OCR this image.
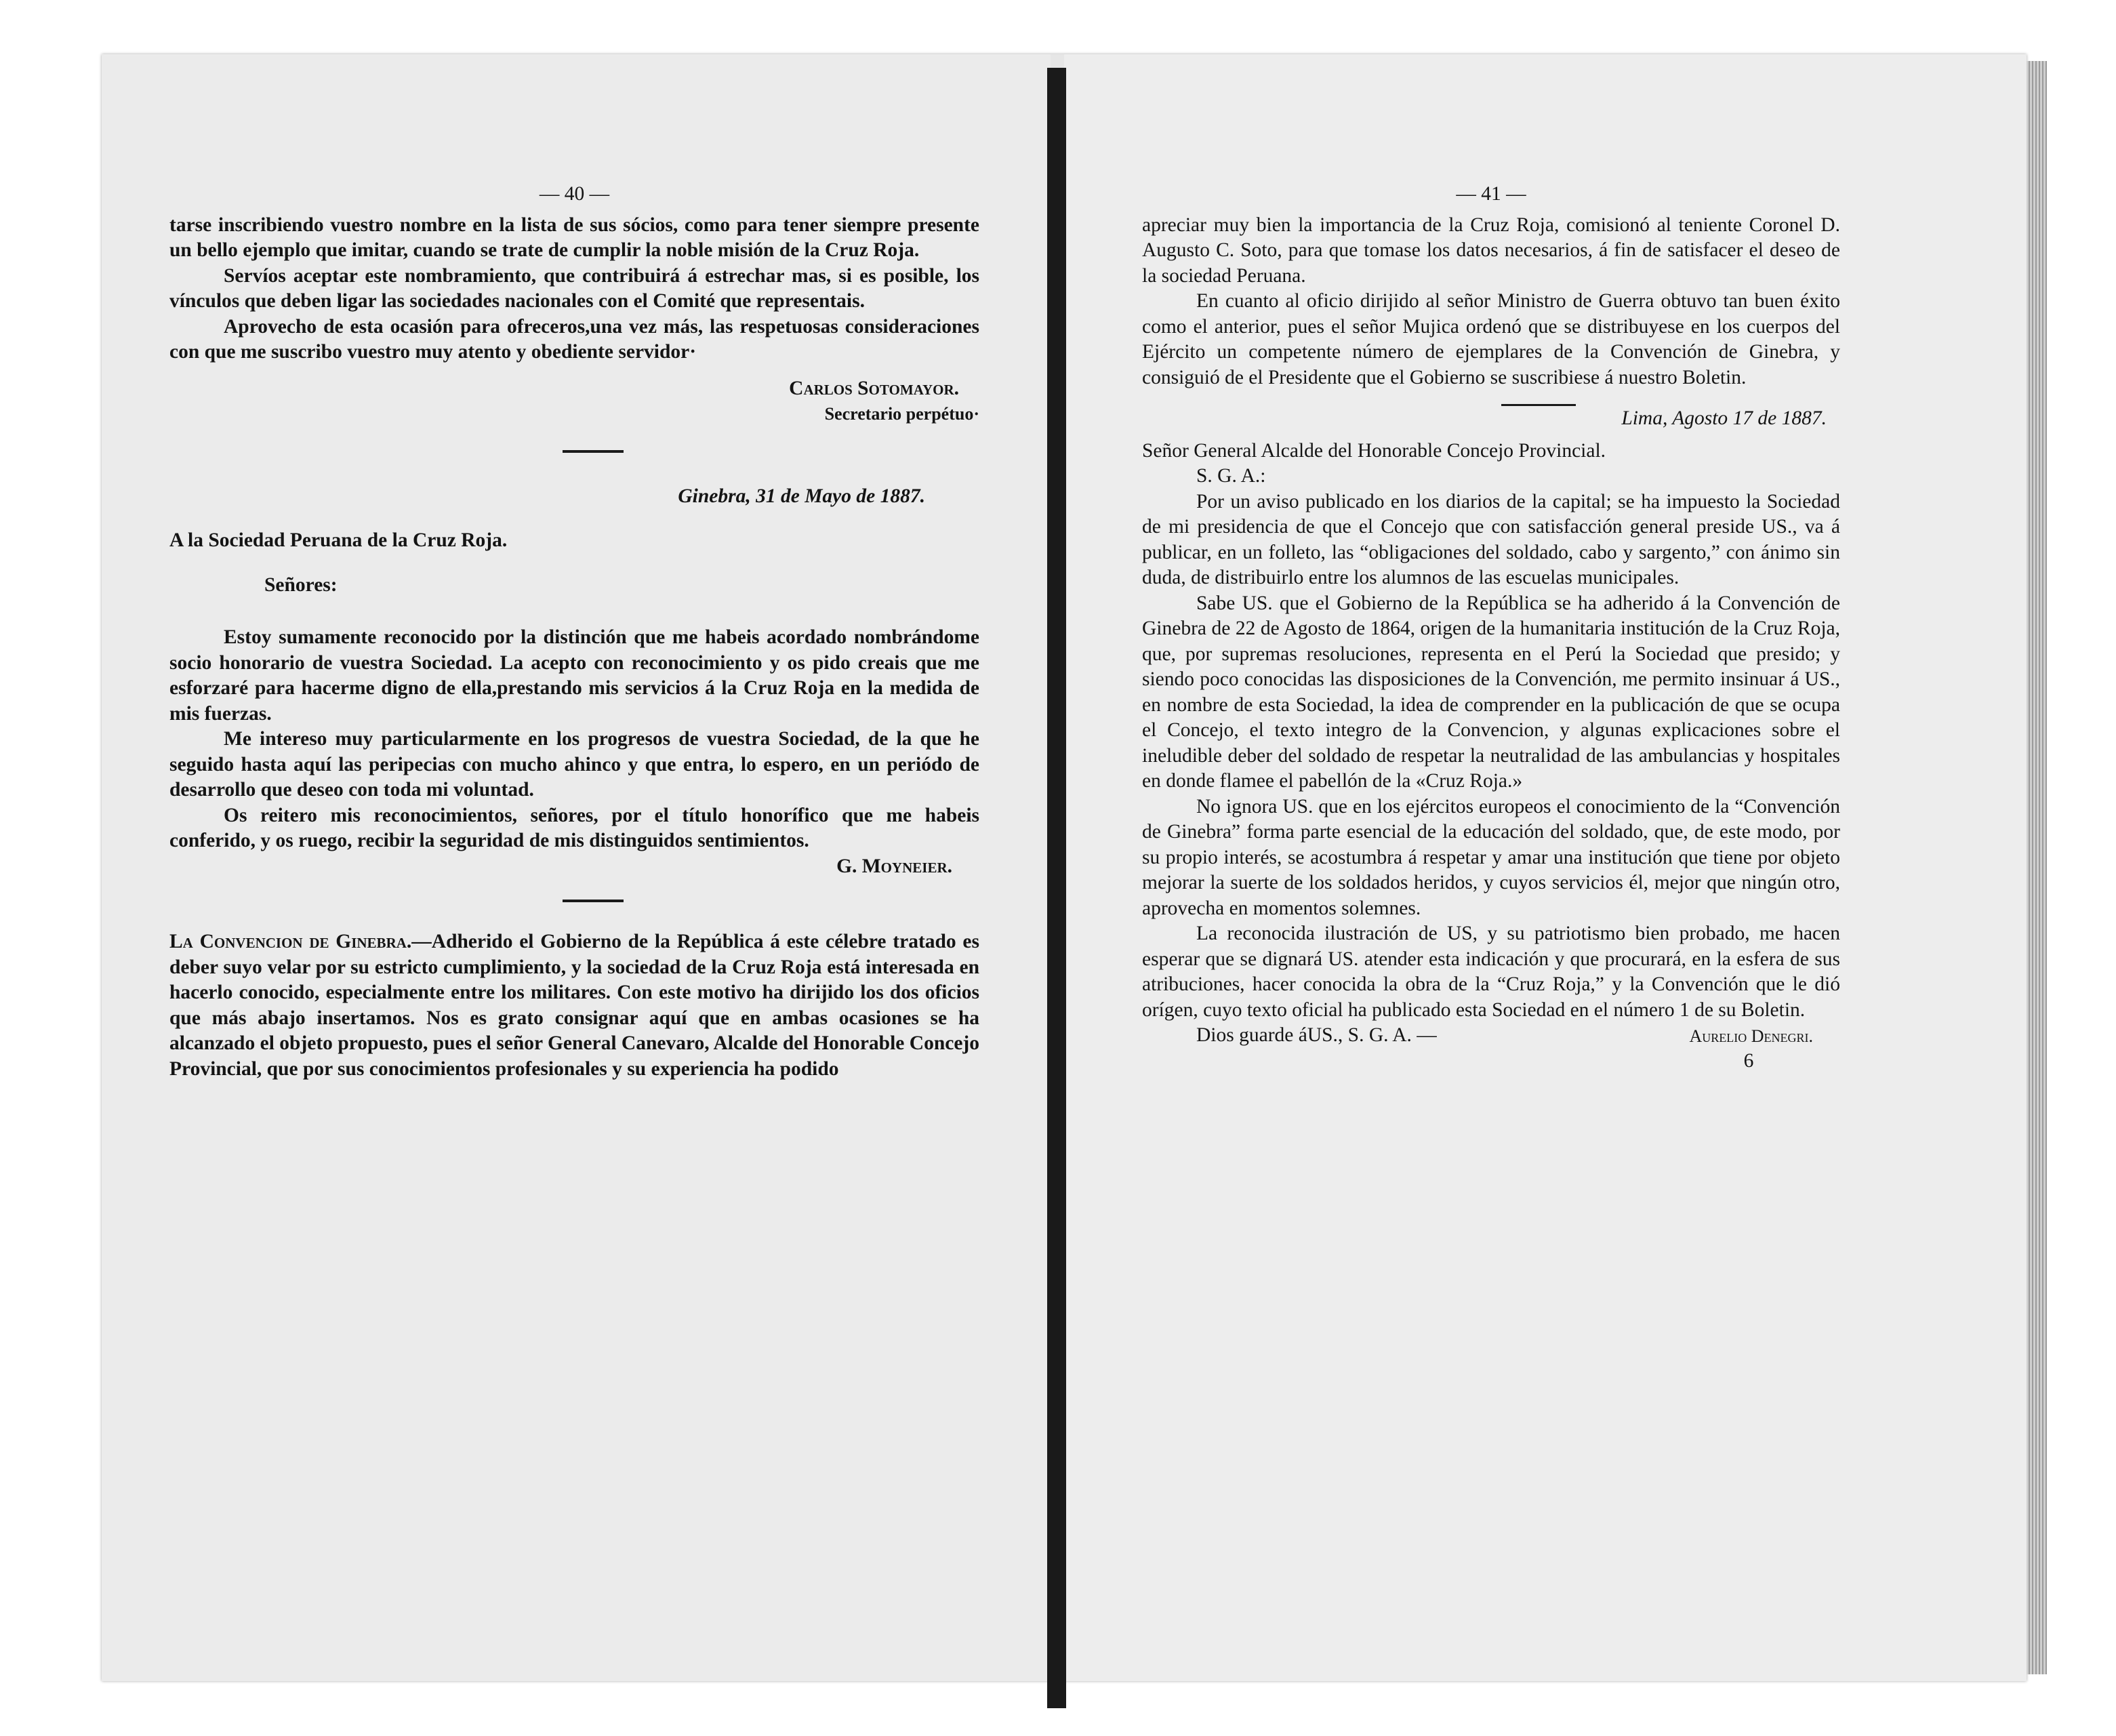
— 40 —

tarse inscribiendo vuestro nombre en la lista de sus sócios, como para tener siempre presente un bello ejemplo que imitar, cuando se trate de cumplir la noble misión de la Cruz Roja.

Servíos aceptar este nombramiento, que contribuirá á estrechar mas, si es posible, los vínculos que deben ligar las sociedades nacionales con el Comité que representais.

Aprovecho de esta ocasión para ofreceros,una vez más, las respetuosas consideraciones con que me suscribo vuestro muy atento y obediente servidor·

Carlos Sotomayor.

Secretario perpétuo·

Ginebra, 31 de Mayo de 1887.

A la Sociedad Peruana de la Cruz Roja.

Señores:

Estoy sumamente reconocido por la distinción que me habeis acordado nombrándome socio honorario de vuestra Sociedad. La acepto con reconocimiento y os pido creais que me esforzaré para hacerme digno de ella,prestando mis servicios á la Cruz Roja en la medida de mis fuerzas.

Me intereso muy particularmente en los progresos de vuestra Sociedad, de la que he seguido hasta aquí las peripecias con mucho ahinco y que entra, lo espero, en un periódo de desarrollo que deseo con toda mi voluntad.

Os reitero mis reconocimientos, señores, por el título honorífico que me habeis conferido, y os ruego, recibir la seguridad de mis distinguidos sentimientos.

G. Moyneier.

La Convencion de Ginebra.—Adherido el Gobierno de la República á este célebre tratado es deber suyo velar por su estricto cumplimiento, y la sociedad de la Cruz Roja está interesada en hacerlo conocido, especialmente entre los militares. Con este motivo ha dirijido los dos oficios que más abajo insertamos. Nos es grato consignar aquí que en ambas ocasiones se ha alcanzado el objeto propuesto, pues el señor General Canevaro, Alcalde del Honorable Concejo Provincial, que por sus conocimientos profesionales y su experiencia ha podido

— 41 —

apreciar muy bien la importancia de la Cruz Roja, comisionó al teniente Coronel D. Augusto C. Soto, para que tomase los datos necesarios, á fin de satisfacer el deseo de la sociedad Peruana.

En cuanto al oficio dirijido al señor Ministro de Guerra obtuvo tan buen éxito como el anterior, pues el señor Mujica ordenó que se distribuyese en los cuerpos del Ejército un competente número de ejemplares de la Convención de Ginebra, y consiguió de el Presidente que el Gobierno se suscribiese á nuestro Boletin.

Lima, Agosto 17 de 1887.

Señor General Alcalde del Honorable Concejo Provincial.

S. G. A.:

Por un aviso publicado en los diarios de la capital; se ha impuesto la Sociedad de mi presidencia de que el Concejo que con satisfacción general preside US., va á publicar, en un folleto, las “obligaciones del soldado, cabo y sargento,” con ánimo sin duda, de distribuirlo entre los alumnos de las escuelas municipales.

Sabe US. que el Gobierno de la República se ha adherido á la Convención de Ginebra de 22 de Agosto de 1864, origen de la humanitaria institución de la Cruz Roja, que, por supremas resoluciones, representa en el Perú la Sociedad que presido; y siendo poco conocidas las disposiciones de la Convención, me permito insinuar á US., en nombre de esta Sociedad, la idea de comprender en la publicación de que se ocupa el Concejo, el texto integro de la Convencion, y algunas explicaciones sobre el ineludible deber del soldado de respetar la neutralidad de las ambulancias y hospitales en donde flamee el pabellón de la «Cruz Roja.»

No ignora US. que en los ejércitos europeos el conocimiento de la “Convención de Ginebra” forma parte esencial de la educación del soldado, que, de este modo, por su propio interés, se acostumbra á respetar y amar una institución que tiene por objeto mejorar la suerte de los soldados heridos, y cuyos servicios él, mejor que ningún otro, aprovecha en momentos solemnes.

La reconocida ilustración de US, y su patriotismo bien probado, me hacen esperar que se dignará US. atender esta indicación y que procurará, en la esfera de sus atribuciones, hacer conocida la obra de la “Cruz Roja,” y la Convención que le dió orígen, cuyo texto oficial ha publicado esta Sociedad en el número 1 de su Boletin.

Dios guarde áUS., S. G. A. —	Aurelio Denegri.

6
